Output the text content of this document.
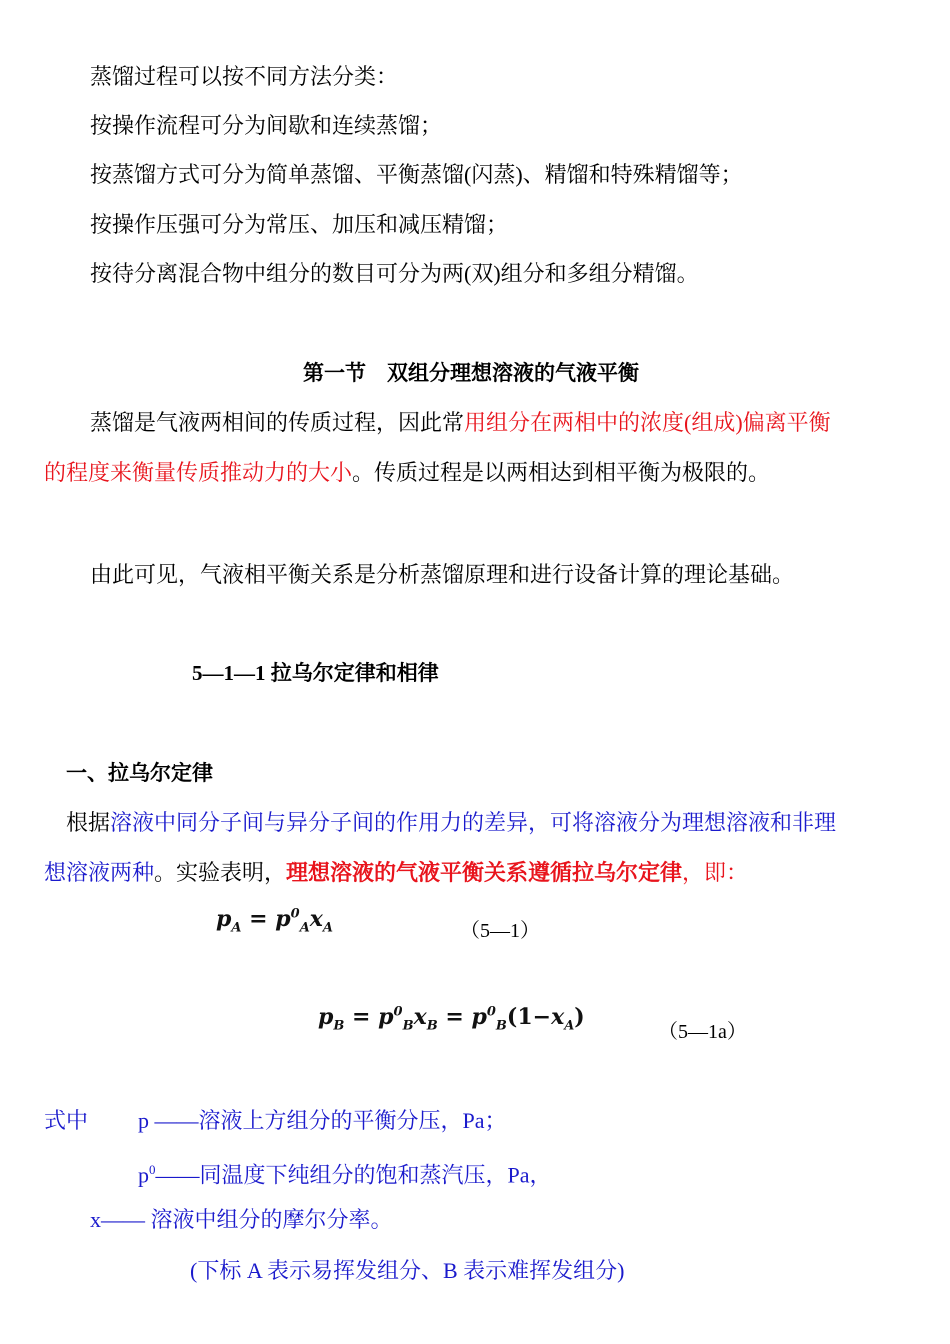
蒸馏过程可以按不同方法分类：
按操作流程可分为间歇和连续蒸馏；
按蒸馏方式可分为简单蒸馏、平衡蒸馏(闪蒸)、精馏和特殊精馏等；
按操作压强可分为常压、加压和减压精馏；
按待分离混合物中组分的数目可分为两(双)组分和多组分精馏。
第一节　双组分理想溶液的气液平衡
蒸馏是气液两相间的传质过程，因此常用组分在两相中的浓度(组成)偏离平衡
的程度来衡量传质推动力的大小。传质过程是以两相达到相平衡为极限的。
由此可见，气液相平衡关系是分析蒸馏原理和进行设备计算的理论基础。
5—1—1 拉乌尔定律和相律
一、拉乌尔定律
根据溶液中同分子间与异分子间的作用力的差异，可将溶液分为理想溶液和非理
想溶液两种。实验表明，理想溶液的气液平衡关系遵循拉乌尔定律，即：
$p_A = p^0_Ax_A$	（5—1）
$p_B = p^0_Bx_B = p^0_B(1-x_A)$
（5—1a）
式中 p ——溶液上方组分的平衡分压，Pa；
$p^0——$同温度下纯组分的饱和蒸汽压，Pa，
x—— 溶液中组分的摩尔分率。
(下标 A 表示易挥发组分、B 表示难挥发组分)
